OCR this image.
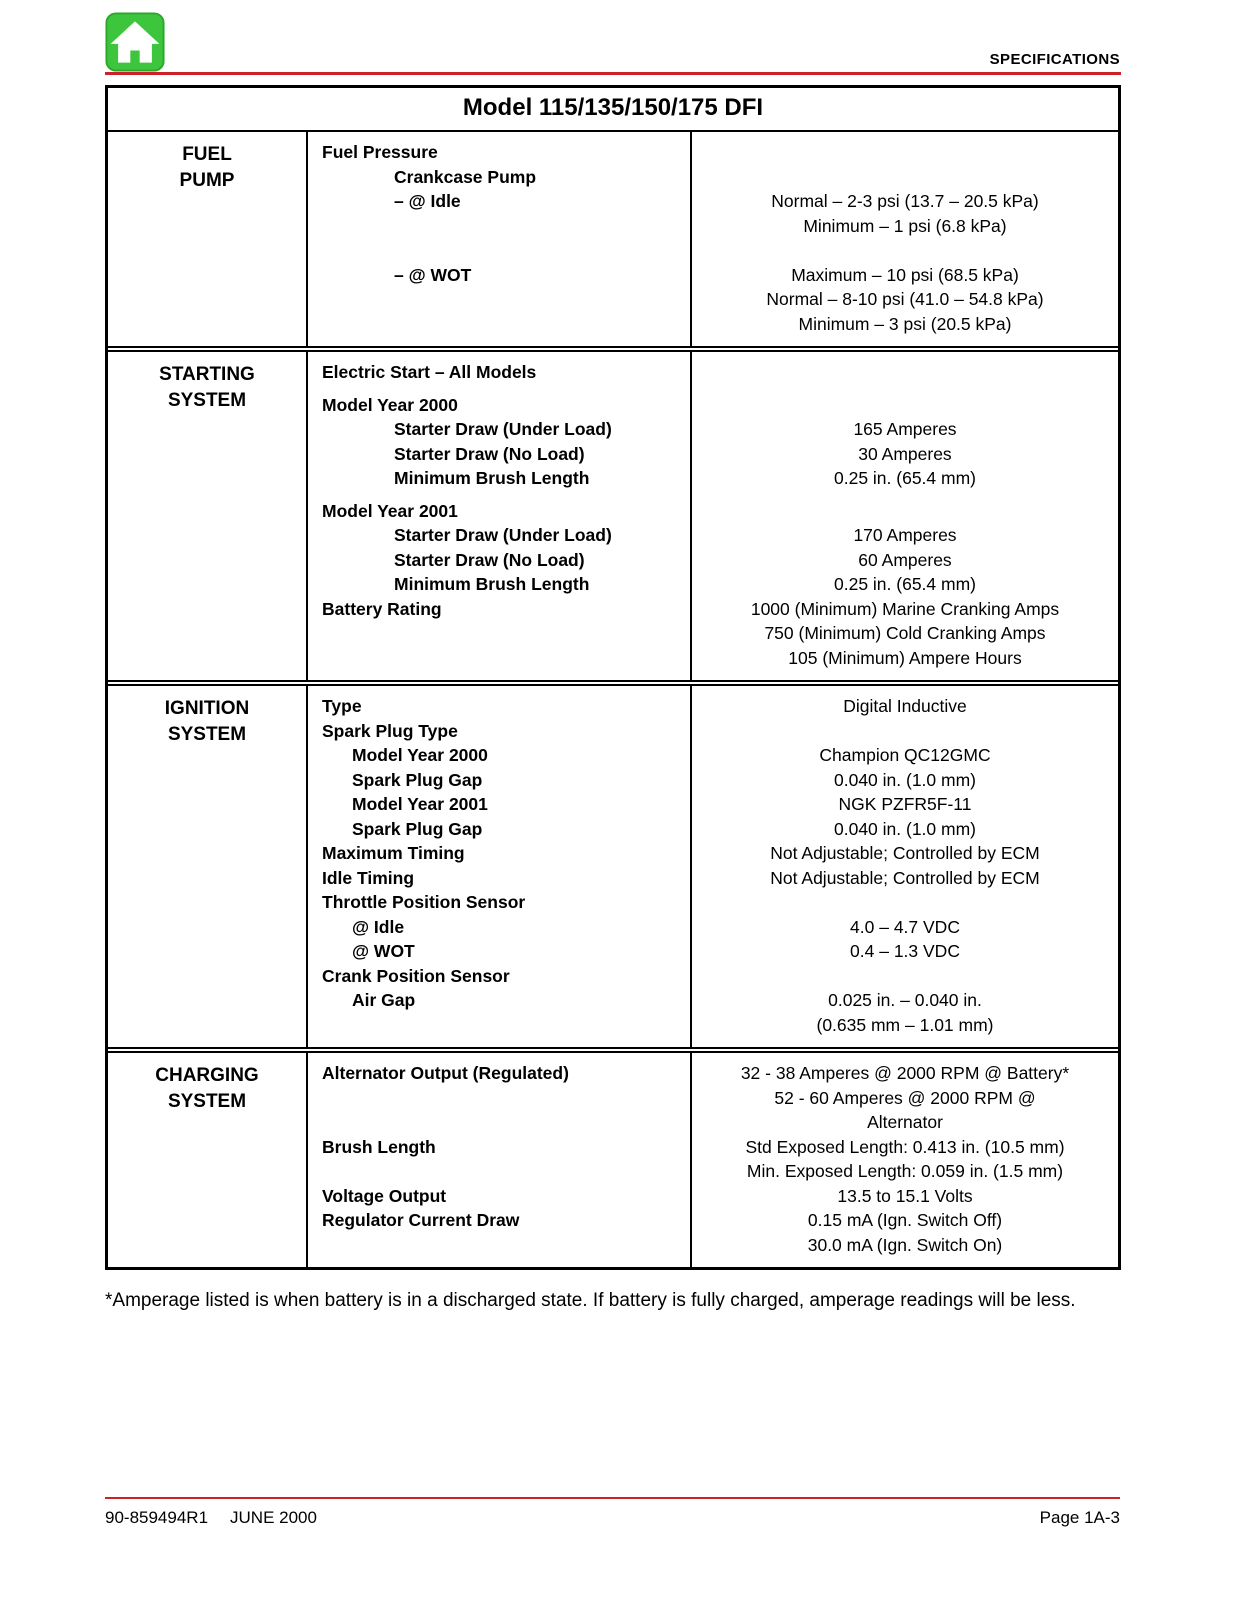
SPECIFICATIONS
Model 115/135/150/175 DFI
FUEL
PUMP
Fuel Pressure
Crankcase Pump
– @ Idle

– @ WOT

Normal – 2-3 psi (13.7 – 20.5 kPa)
Minimum – 1 psi (6.8 kPa)

Maximum – 10 psi (68.5 kPa)
Normal – 8-10 psi (41.0 – 54.8 kPa)
Minimum – 3 psi (20.5 kPa)
STARTING
SYSTEM
Electric Start – All Models
Model Year 2000
Starter Draw (Under Load)
Starter Draw (No Load)
Minimum Brush Length
Model Year 2001
Starter Draw (Under Load)
Starter Draw (No Load)
Minimum Brush Length
Battery Rating

165 Amperes
30 Amperes
0.25 in. (65.4 mm)

170 Amperes
60 Amperes
0.25 in. (65.4 mm)
1000 (Minimum) Marine Cranking Amps
750 (Minimum) Cold Cranking Amps
105 (Minimum) Ampere Hours
IGNITION
SYSTEM
Type
Spark Plug Type
Model Year 2000
Spark Plug Gap
Model Year 2001
Spark Plug Gap
Maximum Timing
Idle Timing
Throttle Position Sensor
@ Idle
@ WOT
Crank Position Sensor
Air Gap

Digital Inductive

Champion QC12GMC
0.040 in. (1.0 mm)
NGK PZFR5F-11
0.040 in. (1.0 mm)
Not Adjustable; Controlled by ECM
Not Adjustable; Controlled by ECM

4.0 – 4.7 VDC
0.4 – 1.3 VDC

0.025 in. – 0.040 in.
(0.635 mm – 1.01 mm)
CHARGING
SYSTEM
Alternator Output (Regulated)

Brush Length

Voltage Output
Regulator Current Draw

32 - 38 Amperes @ 2000 RPM @ Battery*
52 - 60 Amperes @ 2000 RPM @
Alternator
Std Exposed Length: 0.413 in. (10.5 mm)
Min. Exposed Length: 0.059 in. (1.5 mm)
13.5 to 15.1 Volts
0.15 mA (Ign. Switch Off)
30.0 mA (Ign. Switch On)

*Amperage listed is when battery is in a discharged state. If battery is fully charged, amperage readings will be less.

90-859494R1 JUNE 2000	Page 1A-3
